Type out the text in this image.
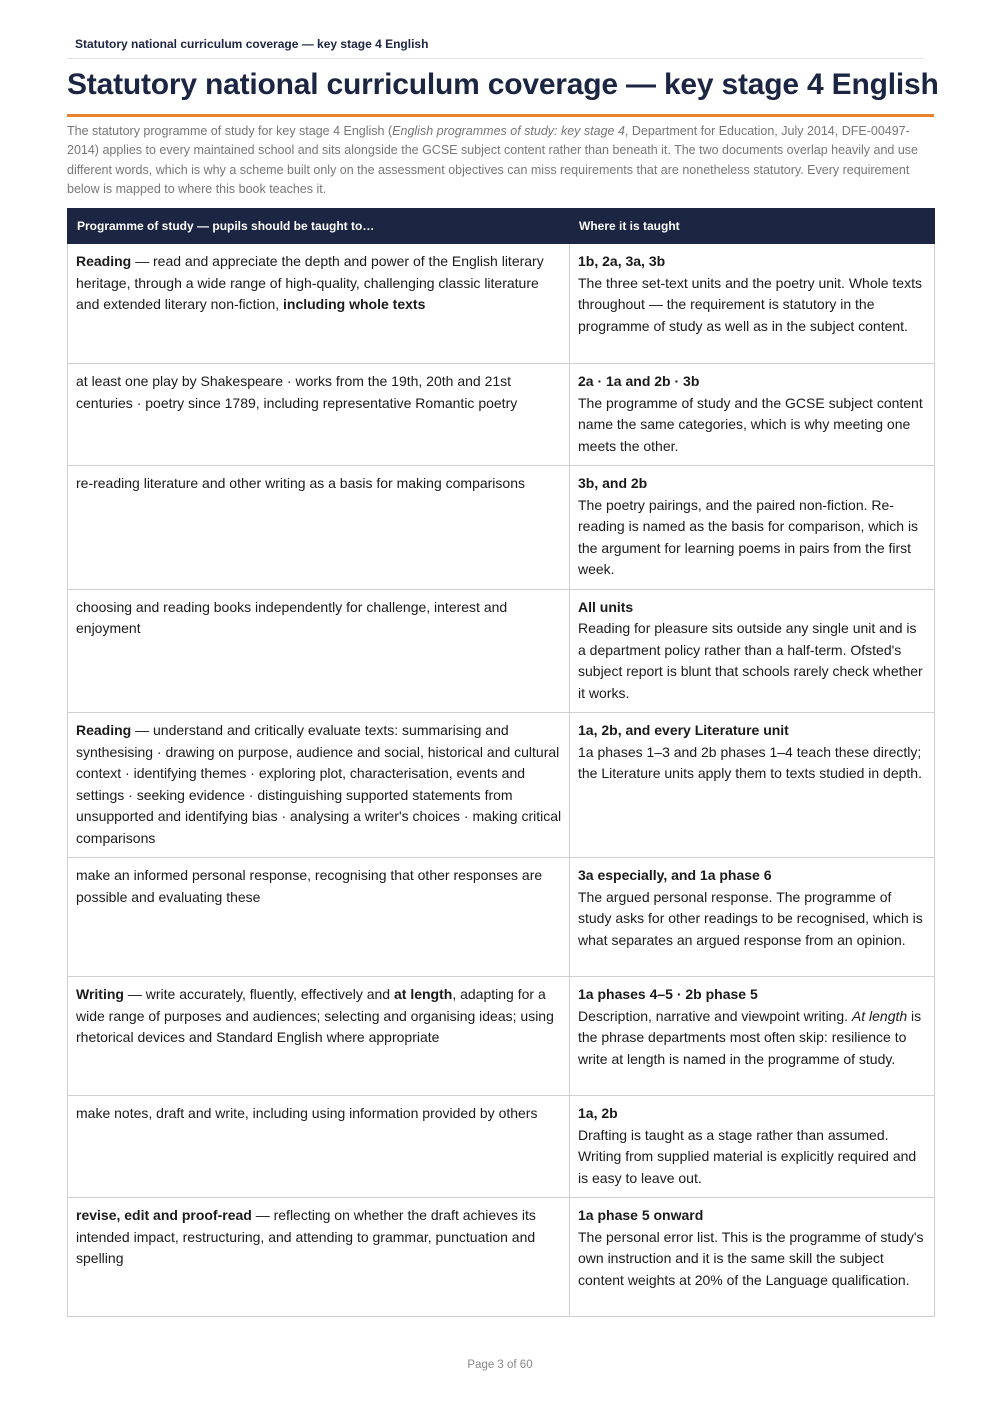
Statutory national curriculum coverage — key stage 4 English
Statutory national curriculum coverage — key stage 4 English

The statutory programme of study for key stage 4 English (English programmes of study: key stage 4, Department for Education, July 2014, DFE-00497-2014) applies to every maintained school and sits alongside the GCSE subject content rather than beneath it. The two documents overlap heavily and use different words, which is why a scheme built only on the assessment objectives can miss requirements that are nonetheless statutory. Every requirement below is mapped to where this book teaches it.

Programme of study — pupils should be taught to…	Where it is taught
Reading — read and appreciate the depth and power of the English literary heritage, through a wide range of high-quality, challenging classic literature and extended literary non-fiction, including whole texts	1b, 2a, 3a, 3b
The three set-text units and the poetry unit. Whole texts throughout — the requirement is statutory in the programme of study as well as in the subject content.

at least one play by Shakespeare · works from the 19th, 20th and 21st centuries · poetry since 1789, including representative Romantic poetry	2a · 1a and 2b · 3b
The programme of study and the GCSE subject content name the same categories, which is why meeting one meets the other.

re-reading literature and other writing as a basis for making comparisons	3b, and 2b
The poetry pairings, and the paired non-fiction. Re-reading is named as the basis for comparison, which is the argument for learning poems in pairs from the first week.

choosing and reading books independently for challenge, interest and enjoyment	All units
Reading for pleasure sits outside any single unit and is a department policy rather than a half-term. Ofsted's subject report is blunt that schools rarely check whether it works.

Reading — understand and critically evaluate texts: summarising and synthesising · drawing on purpose, audience and social, historical and cultural context · identifying themes · exploring plot, characterisation, events and settings · seeking evidence · distinguishing supported statements from unsupported and identifying bias · analysing a writer's choices · making critical comparisons	1a, 2b, and every Literature unit
1a phases 1–3 and 2b phases 1–4 teach these directly; the Literature units apply them to texts studied in depth.

make an informed personal response, recognising that other responses are possible and evaluating these	3a especially, and 1a phase 6
The argued personal response. The programme of study asks for other readings to be recognised, which is what separates an argued response from an opinion.

Writing — write accurately, fluently, effectively and at length, adapting for a wide range of purposes and audiences; selecting and organising ideas; using rhetorical devices and Standard English where appropriate	1a phases 4–5 · 2b phase 5
Description, narrative and viewpoint writing. At length is the phrase departments most often skip: resilience to write at length is named in the programme of study.

make notes, draft and write, including using information provided by others	1a, 2b
Drafting is taught as a stage rather than assumed. Writing from supplied material is explicitly required and is easy to leave out.

revise, edit and proof-read — reflecting on whether the draft achieves its intended impact, restructuring, and attending to grammar, punctuation and spelling	1a phase 5 onward
The personal error list. This is the programme of study's own instruction and it is the same skill the subject content weights at 20% of the Language qualification.
Page 3 of 60
